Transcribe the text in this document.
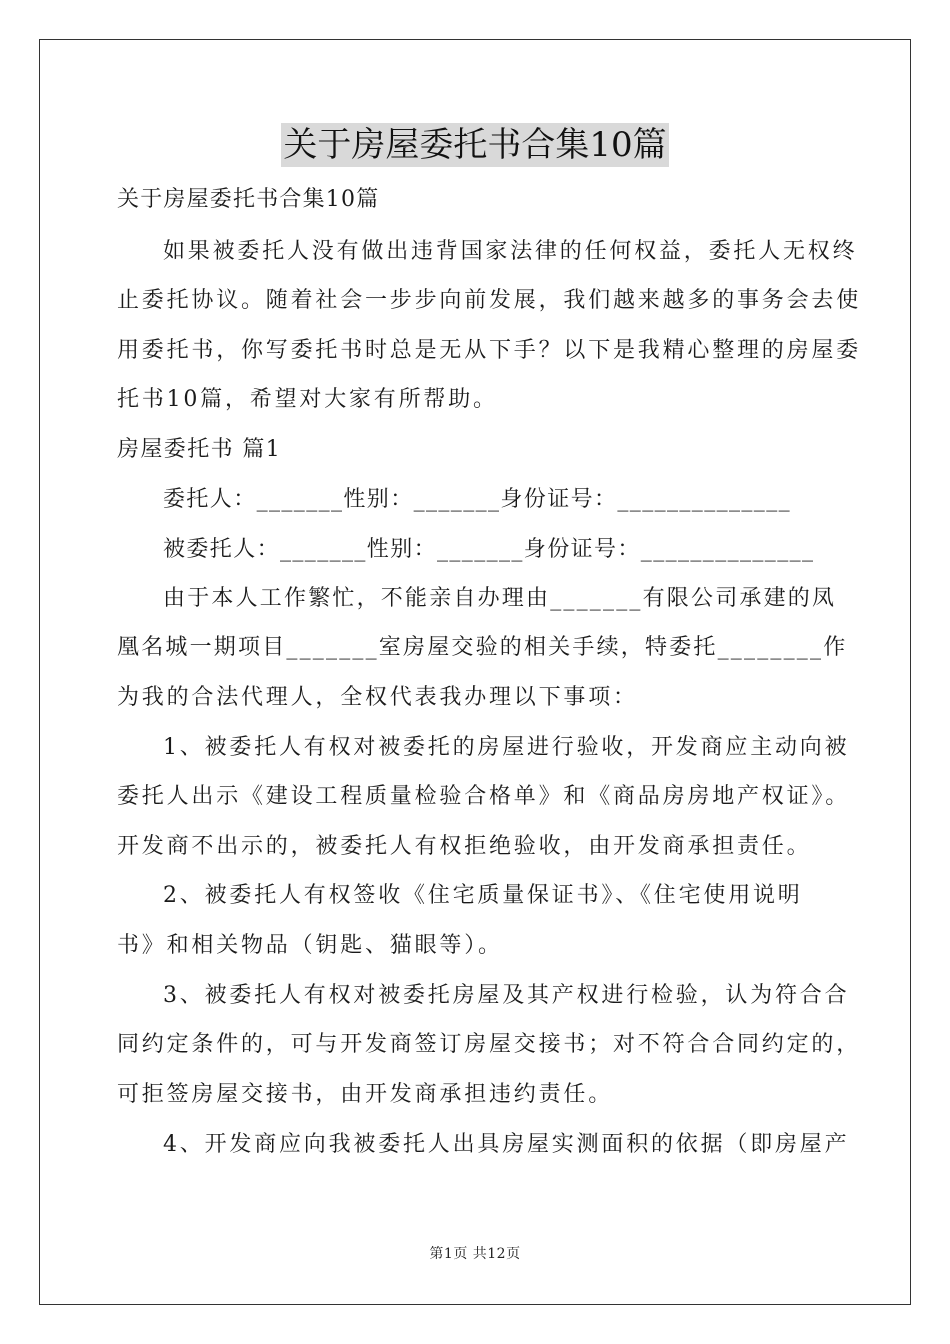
关于房屋委托书合集10篇
关于房屋委托书合集10篇
如果被委托人没有做出违背国家法律的任何权益，委托人无权终
止委托协议。随着社会一步步向前发展，我们越来越多的事务会去使
用委托书，你写委托书时总是无从下手？以下是我精心整理的房屋委
托书10篇，希望对大家有所帮助。
房屋委托书 篇1
委托人：_______性别：_______身份证号：______________
被委托人：_______性别：_______身份证号：______________
由于本人工作繁忙，不能亲自办理由_______有限公司承建的凤
凰名城一期项目_______室房屋交验的相关手续，特委托________作
为我的合法代理人，全权代表我办理以下事项：
1、被委托人有权对被委托的房屋进行验收，开发商应主动向被
委托人出示《建设工程质量检验合格单》和《商品房房地产权证》。
开发商不出示的，被委托人有权拒绝验收，由开发商承担责任。
2、被委托人有权签收《住宅质量保证书》、《住宅使用说明
书》和相关物品（钥匙、猫眼等）。
3、被委托人有权对被委托房屋及其产权进行检验，认为符合合
同约定条件的，可与开发商签订房屋交接书；对不符合合同约定的，
可拒签房屋交接书，由开发商承担违约责任。
4、开发商应向我被委托人出具房屋实测面积的依据（即房屋产
第1页 共12页
